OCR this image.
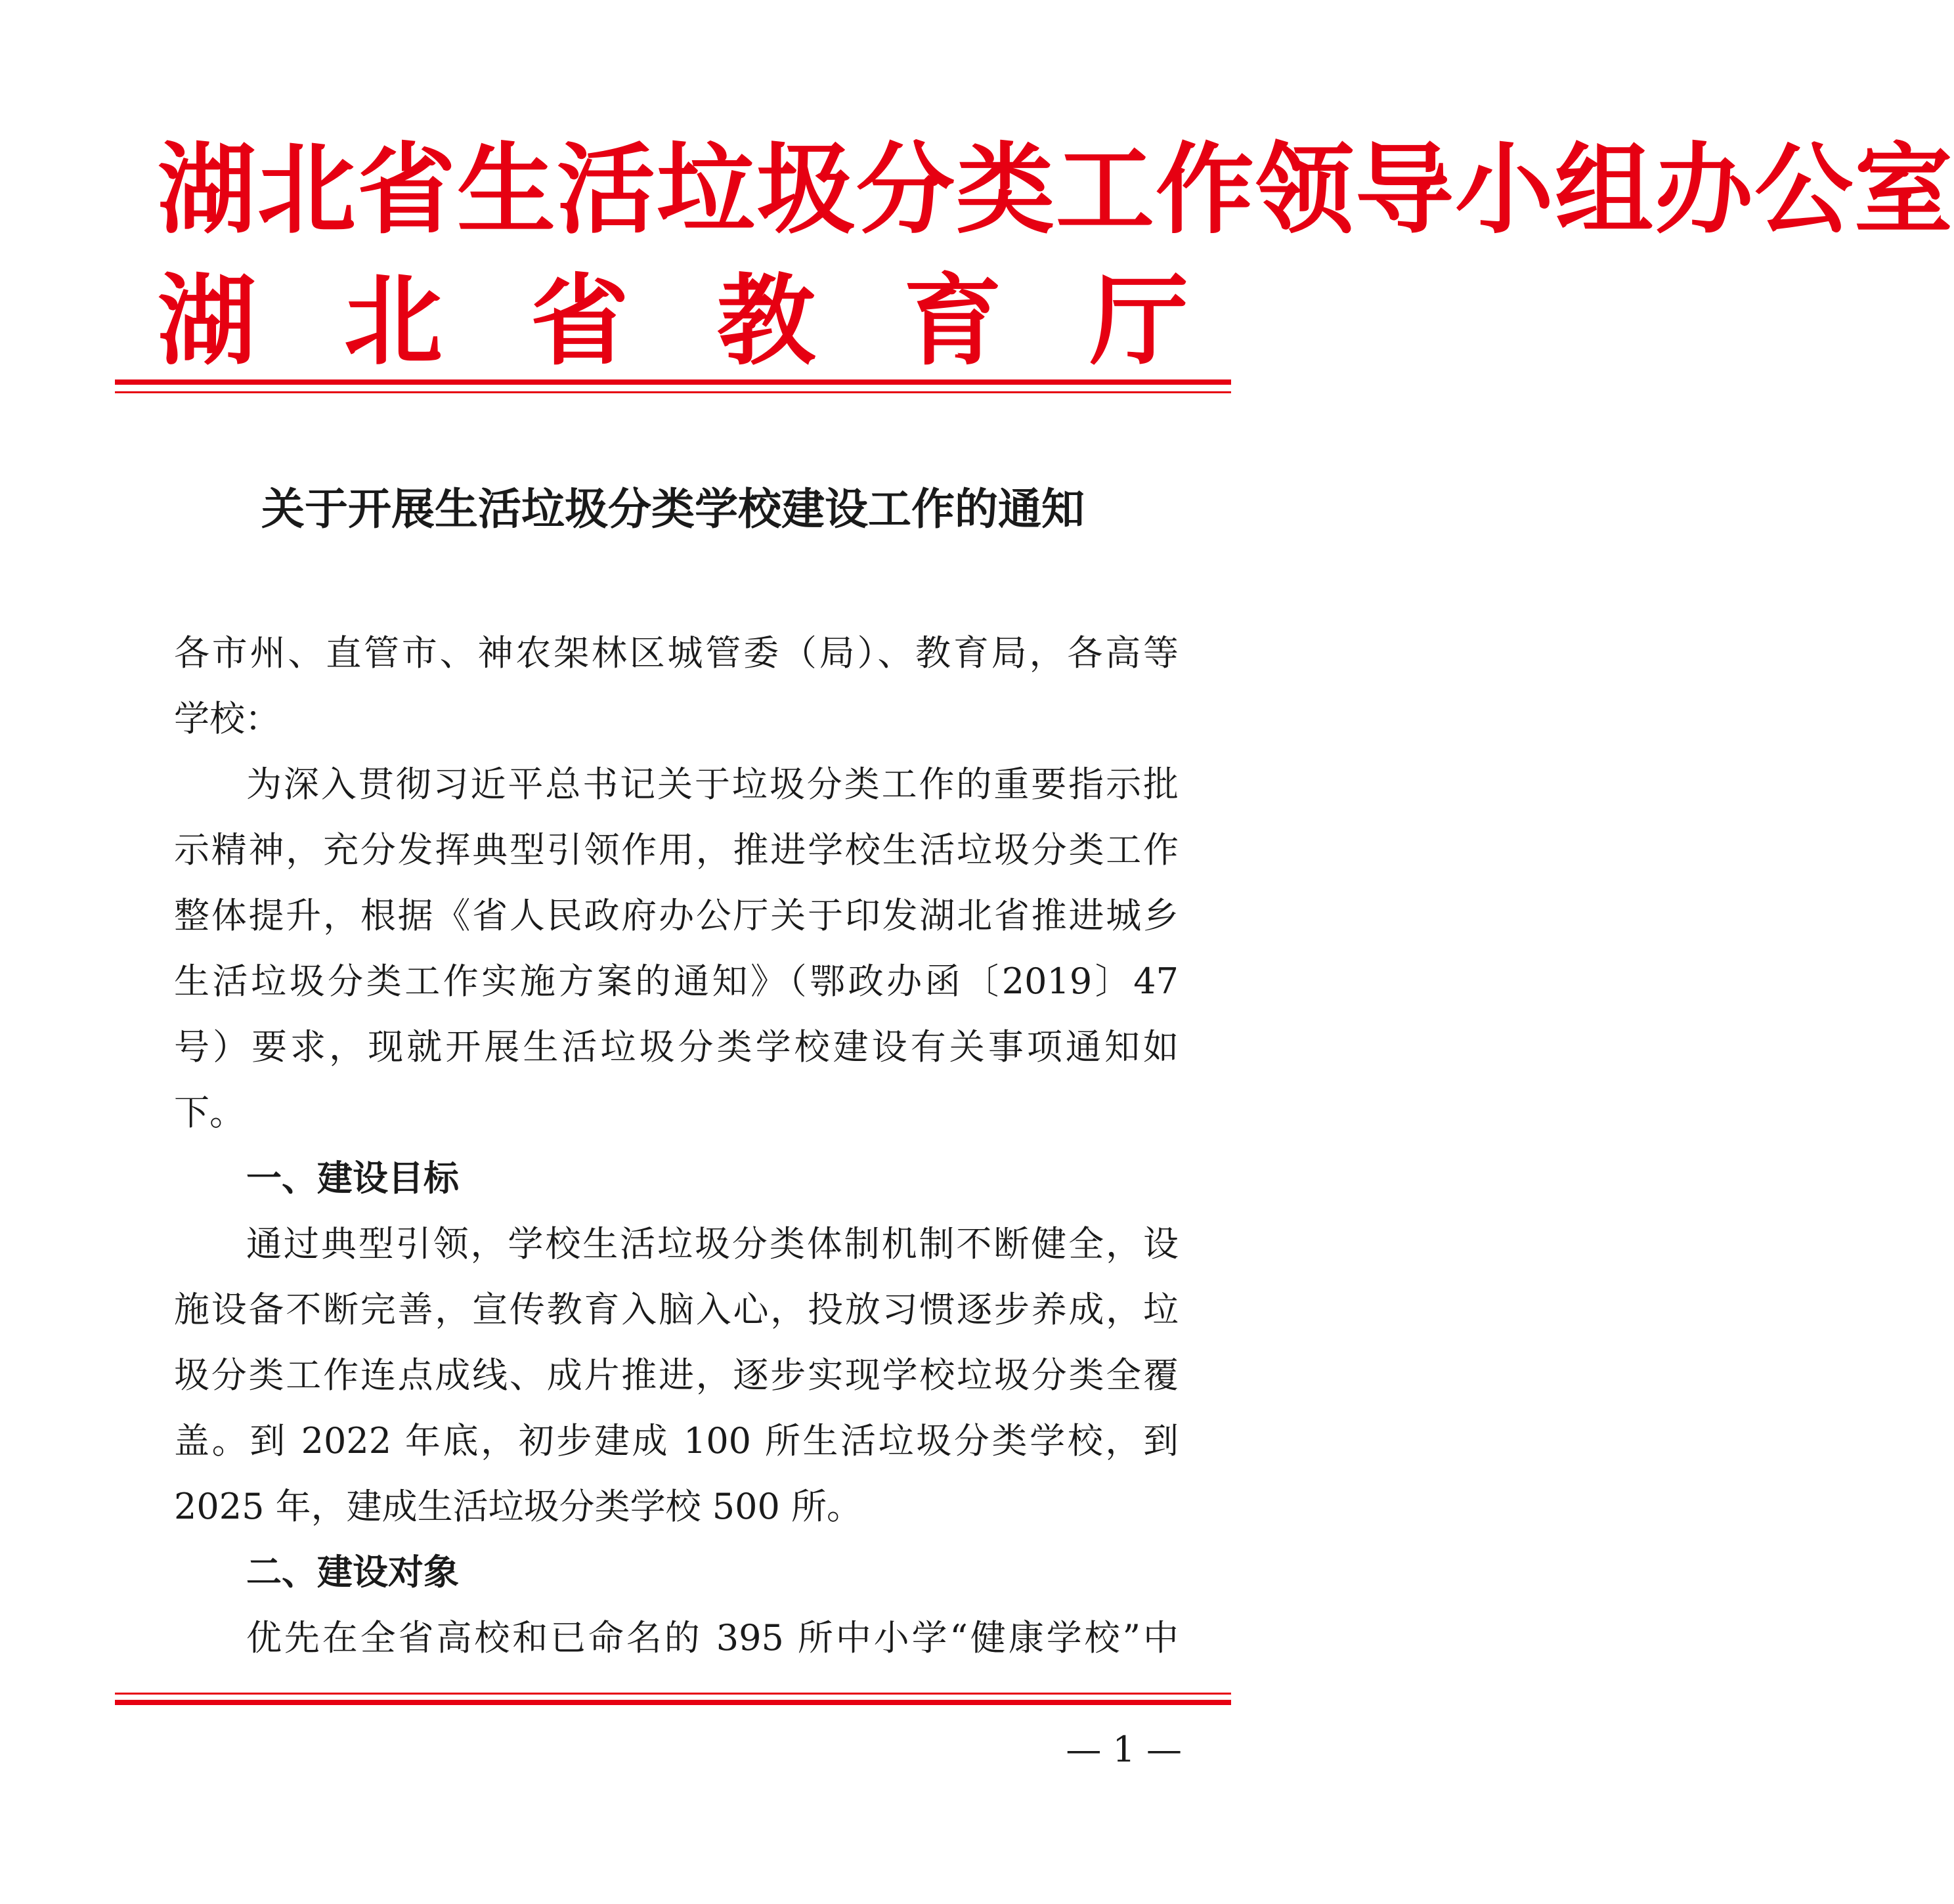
湖北省生活垃圾分类工作领导小组办公室
湖 北 省 教 育 厅
关于开展生活垃圾分类学校建设工作的通知
各市州、直管市、神农架林区城管委（局）、教育局，各高等
学校：
为深入贯彻习近平总书记关于垃圾分类工作的重要指示批
示精神，充分发挥典型引领作用，推进学校生活垃圾分类工作
整体提升，根据《省人民政府办公厅关于印发湖北省推进城乡
生活垃圾分类工作实施方案的通知》（鄂政办函〔2019〕47
号）要求，现就开展生活垃圾分类学校建设有关事项通知如
下。
一、建设目标
通过典型引领，学校生活垃圾分类体制机制不断健全，设
施设备不断完善，宣传教育入脑入心，投放习惯逐步养成，垃
圾分类工作连点成线、成片推进，逐步实现学校垃圾分类全覆
盖。到 2022 年底，初步建成 100 所生活垃圾分类学校，到
2025 年，建成生活垃圾分类学校 500 所。
二、建设对象
优先在全省高校和已命名的 395 所中小学“健康学校”中
— 1 —
